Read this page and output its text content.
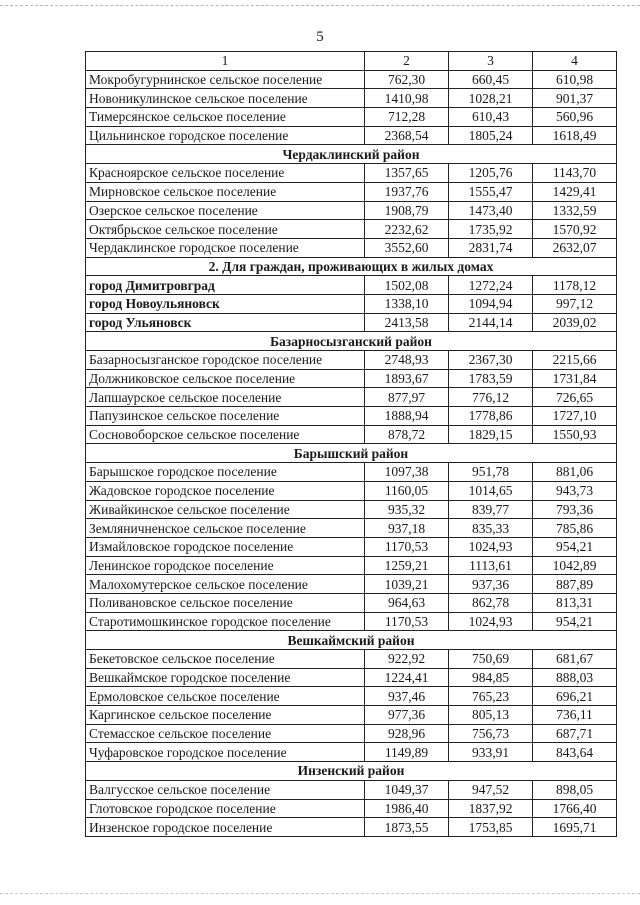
5
1	2	3	4
Мокробугурнинское сельское поселение	762,30	660,45	610,98
Новоникулинское сельское поселение	1410,98	1028,21	901,37
Тимерсянское сельское поселение	712,28	610,43	560,96
Цильнинское городское поселение	2368,54	1805,24	1618,49
Чердаклинский район			
Красноярское сельское поселение	1357,65	1205,76	1143,70
Мирновское сельское поселение	1937,76	1555,47	1429,41
Озерское сельское поселение	1908,79	1473,40	1332,59
Октябрьское сельское поселение	2232,62	1735,92	1570,92
Чердаклинское городское поселение	3552,60	2831,74	2632,07
2. Для граждан, проживающих в жилых домах			
город Димитровград	1502,08	1272,24	1178,12
город Новоульяновск	1338,10	1094,94	997,12
город Ульяновск	2413,58	2144,14	2039,02
Базарносызганский район			
Базарносызганское городское поселение	2748,93	2367,30	2215,66
Должниковское сельское поселение	1893,67	1783,59	1731,84
Лапшаурское сельское поселение	877,97	776,12	726,65
Папузинское сельское поселение	1888,94	1778,86	1727,10
Сосновоборское сельское поселение	878,72	1829,15	1550,93
Барышский район			
Барышское городское поселение	1097,38	951,78	881,06
Жадовское городское поселение	1160,05	1014,65	943,73
Живайкинское сельское поселение	935,32	839,77	793,36
Земляничненское сельское поселение	937,18	835,33	785,86
Измайловское городское поселение	1170,53	1024,93	954,21
Ленинское городское поселение	1259,21	1113,61	1042,89
Малохомутерское сельское поселение	1039,21	937,36	887,89
Поливановское сельское поселение	964,63	862,78	813,31
Старотимошкинское городское поселение	1170,53	1024,93	954,21
Вешкаймский район			
Бекетовское сельское поселение	922,92	750,69	681,67
Вешкаймское городское поселение	1224,41	984,85	888,03
Ермоловское сельское поселение	937,46	765,23	696,21
Каргинское сельское поселение	977,36	805,13	736,11
Стемасское сельское поселение	928,96	756,73	687,71
Чуфаровское городское поселение	1149,89	933,91	843,64
Инзенский район			
Валгусское сельское поселение	1049,37	947,52	898,05
Глотовское городское поселение	1986,40	1837,92	1766,40
Инзенское городское поселение	1873,55	1753,85	1695,71
